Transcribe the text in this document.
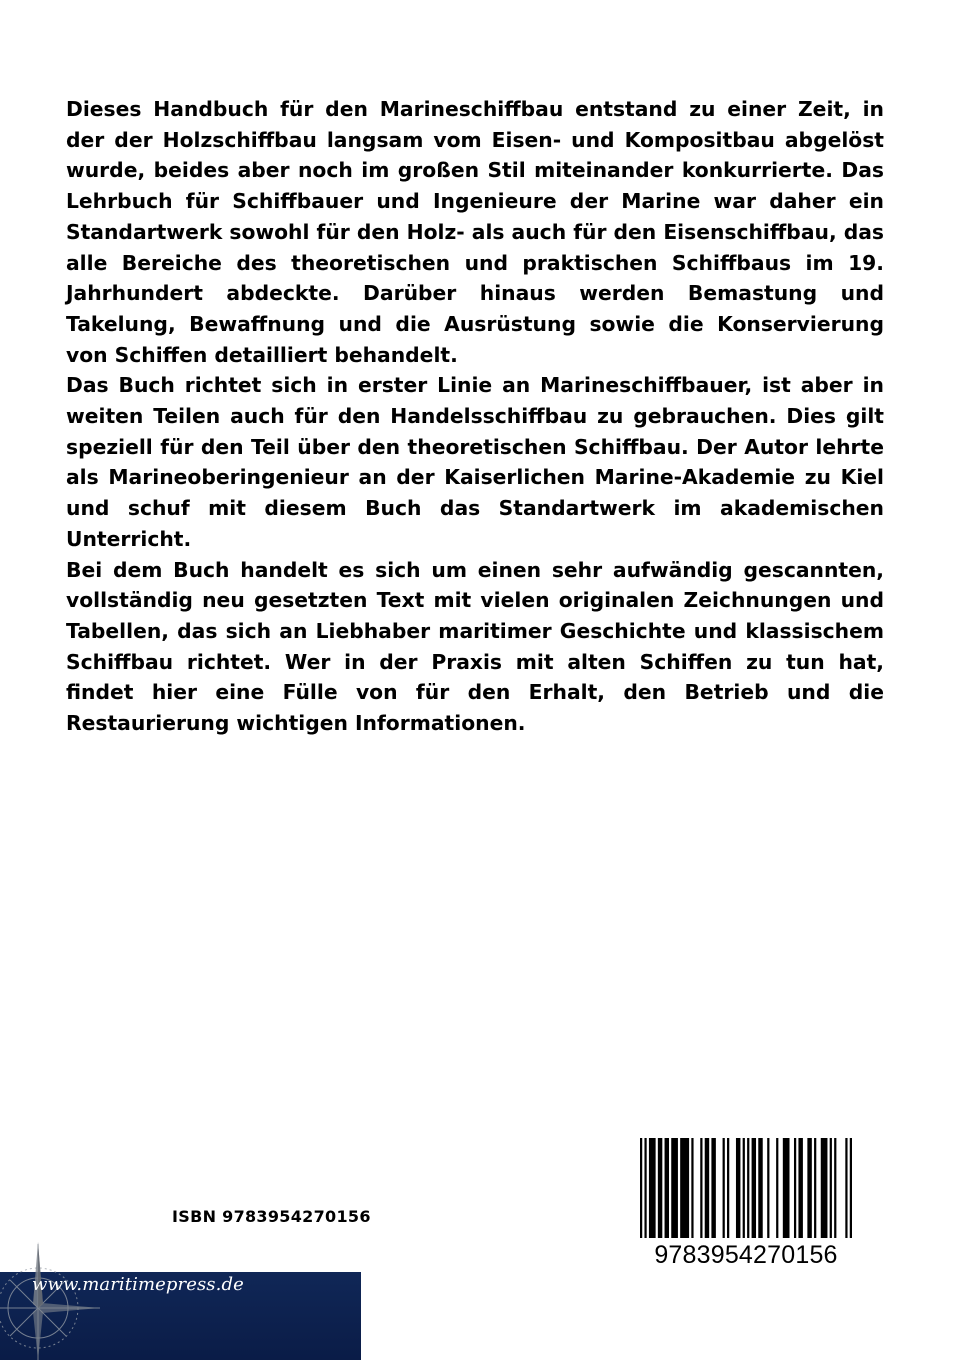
Dieses Handbuch für den Marineschiffbau entstand zu einer Zeit, in der der Holzschiffbau langsam vom Eisen- und Kompositbau abgelöst wurde, beides aber noch im großen Stil miteinander konkurrierte. Das Lehrbuch für Schiffbauer und Ingenieure der Marine war daher ein Standartwerk sowohl für den Holz- als auch für den Eisenschiffbau, das alle Bereiche des theoretischen und praktischen Schiffbaus im 19. Jahrhundert abdeckte. Darüber hinaus werden Bemastung und Takelung, Bewaffnung und die Ausrüstung sowie die Konservierung von Schiffen detailliert behandelt.

Das Buch richtet sich in erster Linie an Marineschiffbauer, ist aber in weiten Teilen auch für den Handelsschiffbau zu gebrauchen. Dies gilt speziell für den Teil über den theoretischen Schiffbau. Der Autor lehrte als Marineoberingenieur an der Kaiserlichen Marine-Akademie zu Kiel und schuf mit diesem Buch das Standartwerk im akademischen Unterricht.

Bei dem Buch handelt es sich um einen sehr aufwändig gescannten, vollständig neu gesetzten Text mit vielen originalen Zeichnungen und Tabellen, das sich an Liebhaber maritimer Geschichte und klassischem Schiffbau richtet. Wer in der Praxis mit alten Schiffen zu tun hat, findet hier eine Fülle von für den Erhalt, den Betrieb und die Restaurierung wichtigen Informationen.

ISBN 9783954270156
9783954270156
www.maritimepress.de
